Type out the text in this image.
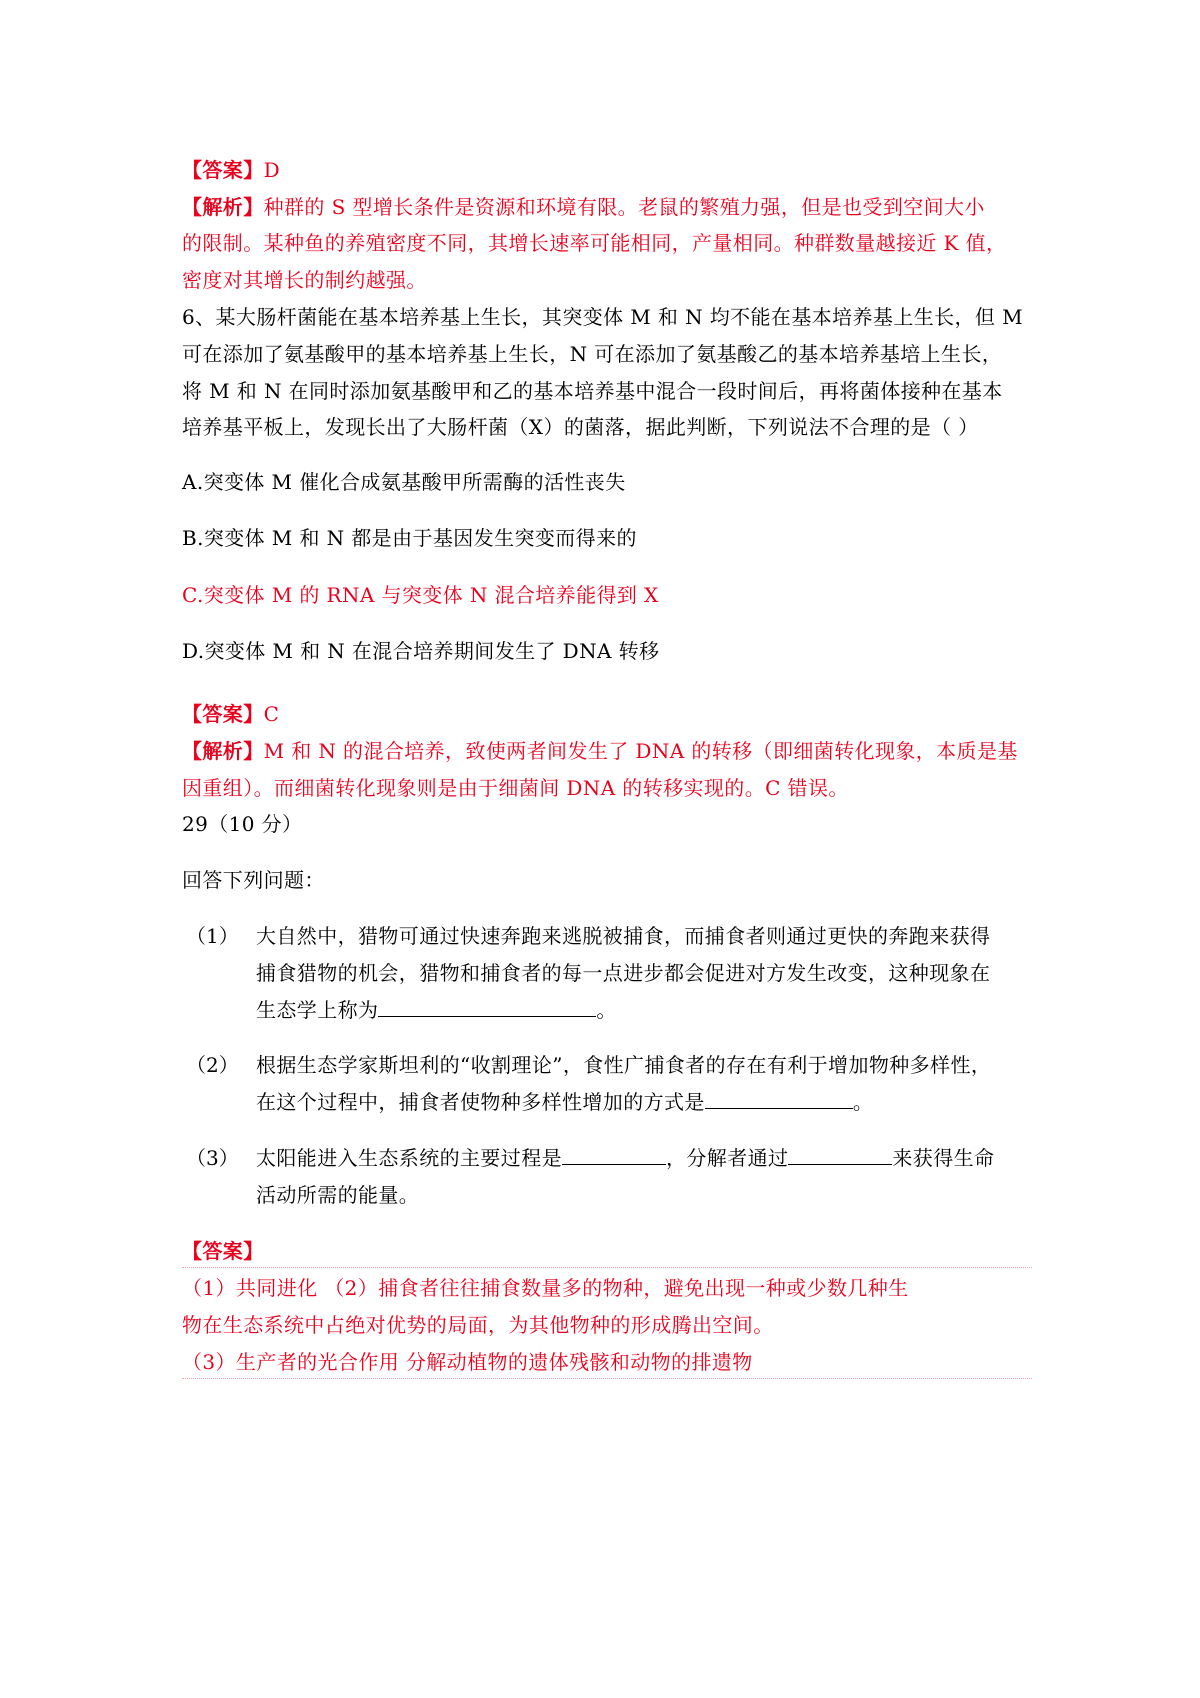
【答案】D
【解析】种群的 S 型增长条件是资源和环境有限。老鼠的繁殖力强，但是也受到空间大小
的限制。某种鱼的养殖密度不同，其增长速率可能相同，产量相同。种群数量越接近 K 值，
密度对其增长的制约越强。
6、某大肠杆菌能在基本培养基上生长，其突变体 M 和 N 均不能在基本培养基上生长，但 M
可在添加了氨基酸甲的基本培养基上生长，N 可在添加了氨基酸乙的基本培养基培上生长，
将 M 和 N 在同时添加氨基酸甲和乙的基本培养基中混合一段时间后，再将菌体接种在基本
培养基平板上，发现长出了大肠杆菌（X）的菌落，据此判断，下列说法不合理的是（ ）
A.突变体 M 催化合成氨基酸甲所需酶的活性丧失
B.突变体 M 和 N 都是由于基因发生突变而得来的
C.突变体 M 的 RNA 与突变体 N 混合培养能得到 X
D.突变体 M 和 N 在混合培养期间发生了 DNA 转移
【答案】C
【解析】M 和 N 的混合培养，致使两者间发生了 DNA 的转移（即细菌转化现象，本质是基
因重组）。而细菌转化现象则是由于细菌间 DNA 的转移实现的。C 错误。
29（10 分）
回答下列问题：
（1） 大自然中，猎物可通过快速奔跑来逃脱被捕食，而捕食者则通过更快的奔跑来获得
捕食猎物的机会，猎物和捕食者的每一点进步都会促进对方发生改变，这种现象在
生态学上称为	。
（2） 根据生态学家斯坦利的“收割理论”，食性广捕食者的存在有利于增加物种多样性，
在这个过程中，捕食者使物种多样性增加的方式是	。
（3） 太阳能进入生态系统的主要过程是	，分解者通过	来获得生命
活动所需的能量。
【答案】
（1）共同进化 （2）捕食者往往捕食数量多的物种，避免出现一种或少数几种生
物在生态系统中占绝对优势的局面，为其他物种的形成腾出空间。
（3）生产者的光合作用 分解动植物的遗体残骸和动物的排遗物
